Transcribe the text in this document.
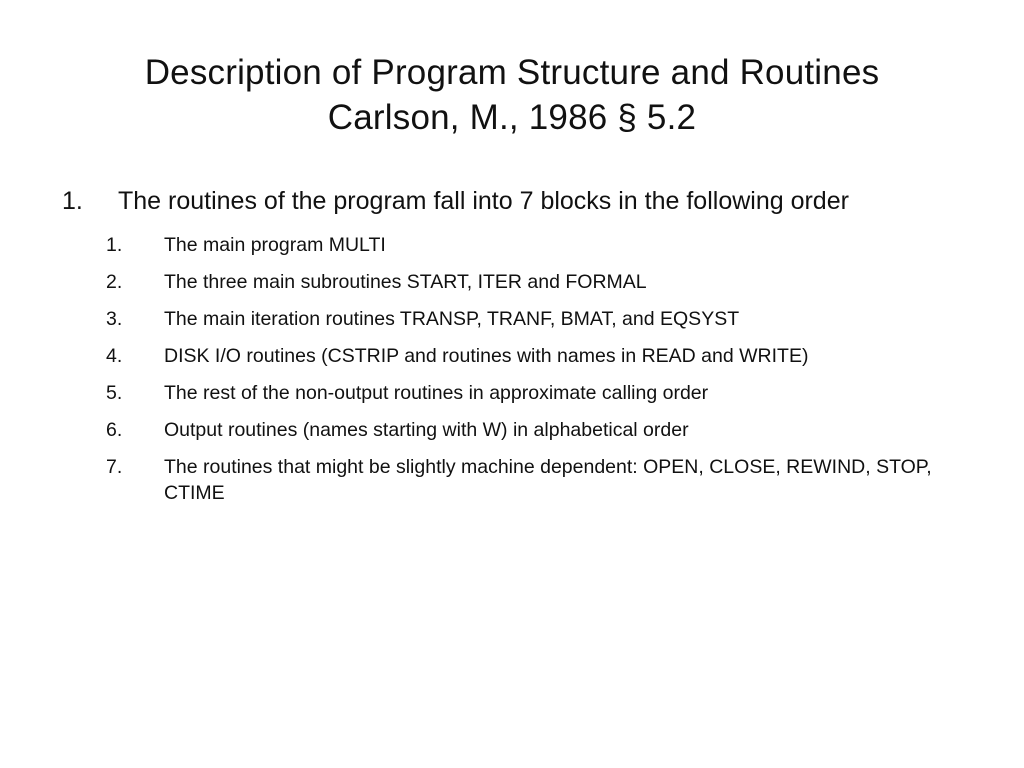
Description of Program Structure and Routines
Carlson, M., 1986 § 5.2
1. The routines of the program fall into 7 blocks in the following order
1. The main program MULTI
2. The three main subroutines START, ITER and FORMAL
3. The main iteration routines TRANSP, TRANF, BMAT, and EQSYST
4. DISK I/O routines (CSTRIP and routines with names in READ and WRITE)
5. The rest of the non-output routines in approximate calling order
6. Output routines (names starting with W) in alphabetical order
7. The routines that might be slightly machine dependent: OPEN, CLOSE, REWIND, STOP, CTIME
